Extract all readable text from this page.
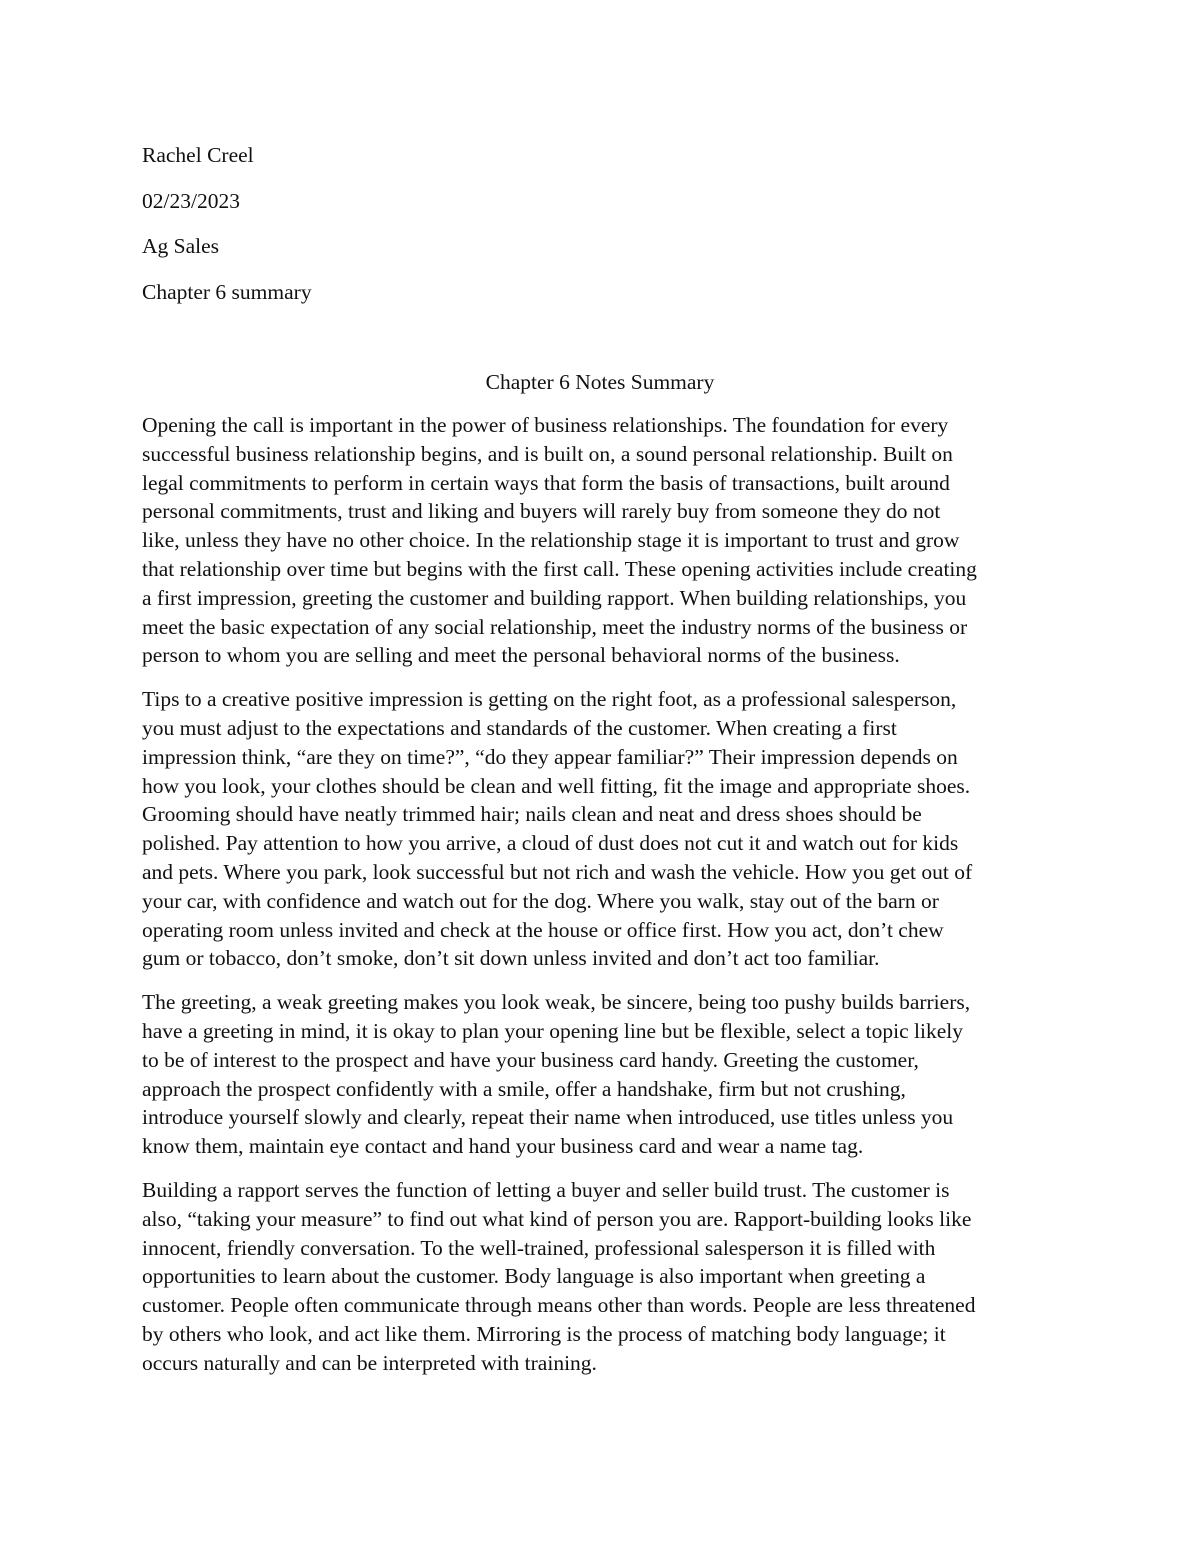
Rachel Creel

02/23/2023

Ag Sales

Chapter 6 summary

Chapter 6 Notes Summary

Opening the call is important in the power of business relationships. The foundation for every
successful business relationship begins, and is built on, a sound personal relationship. Built on
legal commitments to perform in certain ways that form the basis of transactions, built around
personal commitments, trust and liking and buyers will rarely buy from someone they do not
like, unless they have no other choice. In the relationship stage it is important to trust and grow
that relationship over time but begins with the first call. These opening activities include creating
a first impression, greeting the customer and building rapport. When building relationships, you
meet the basic expectation of any social relationship, meet the industry norms of the business or
person to whom you are selling and meet the personal behavioral norms of the business.

Tips to a creative positive impression is getting on the right foot, as a professional salesperson,
you must adjust to the expectations and standards of the customer. When creating a first
impression think, “are they on time?”, “do they appear familiar?” Their impression depends on
how you look, your clothes should be clean and well fitting, fit the image and appropriate shoes.
Grooming should have neatly trimmed hair; nails clean and neat and dress shoes should be
polished. Pay attention to how you arrive, a cloud of dust does not cut it and watch out for kids
and pets. Where you park, look successful but not rich and wash the vehicle. How you get out of
your car, with confidence and watch out for the dog. Where you walk, stay out of the barn or
operating room unless invited and check at the house or office first. How you act, don’t chew
gum or tobacco, don’t smoke, don’t sit down unless invited and don’t act too familiar.

The greeting, a weak greeting makes you look weak, be sincere, being too pushy builds barriers,
have a greeting in mind, it is okay to plan your opening line but be flexible, select a topic likely
to be of interest to the prospect and have your business card handy. Greeting the customer,
approach the prospect confidently with a smile, offer a handshake, firm but not crushing,
introduce yourself slowly and clearly, repeat their name when introduced, use titles unless you
know them, maintain eye contact and hand your business card and wear a name tag.

Building a rapport serves the function of letting a buyer and seller build trust. The customer is
also, “taking your measure” to find out what kind of person you are. Rapport-building looks like
innocent, friendly conversation. To the well-trained, professional salesperson it is filled with
opportunities to learn about the customer. Body language is also important when greeting a
customer. People often communicate through means other than words. People are less threatened
by others who look, and act like them. Mirroring is the process of matching body language; it
occurs naturally and can be interpreted with training.
